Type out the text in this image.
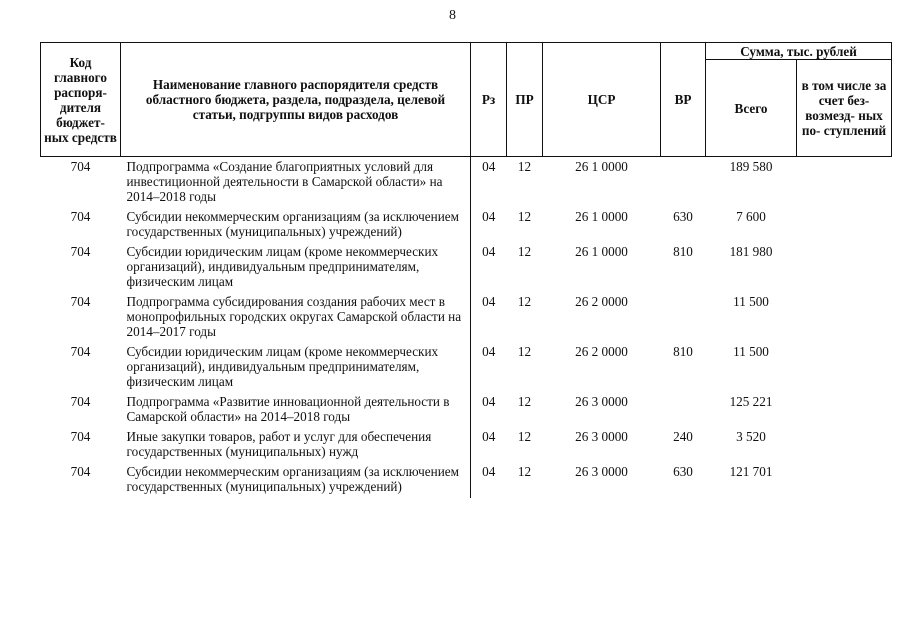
8
Код главного распоря- дителя бюджет- ных средств	Наименование главного распорядителя средств областного бюджета, раздела, подраздела, целевой статьи, подгруппы видов расходов	Рз	ПР	ЦСР	ВР	Сумма, тыс. рублей	
						Всего	в том числе за счет без- возмезд- ных по- ступлений
704	Подпрограмма «Создание благоприятных условий для инвестиционной деятельности в Самарской области» на 2014–2018 годы	04	12	26 1 0000		189 580	
704	Субсидии некоммерческим организациям (за исключением государственных (муниципальных) учреждений)	04	12	26 1 0000	630	7 600	
704	Субсидии юридическим лицам (кроме некоммерческих организаций), индивидуальным предпринимателям, физическим лицам	04	12	26 1 0000	810	181 980	
704	Подпрограмма субсидирования создания рабочих мест в монопрофильных городских округах Самарской области на 2014–2017 годы	04	12	26 2 0000		11 500	
704	Субсидии юридическим лицам (кроме некоммерческих организаций), индивидуальным предпринимателям, физическим лицам	04	12	26 2 0000	810	11 500	
704	Подпрограмма «Развитие инновационной деятельности в Самарской области» на 2014–2018 годы	04	12	26 3 0000		125 221	
704	Иные закупки товаров, работ и услуг для обеспечения государственных (муниципальных) нужд	04	12	26 3 0000	240	3 520	
704	Субсидии некоммерческим организациям (за исключением государственных (муниципальных) учреждений)	04	12	26 3 0000	630	121 701	
